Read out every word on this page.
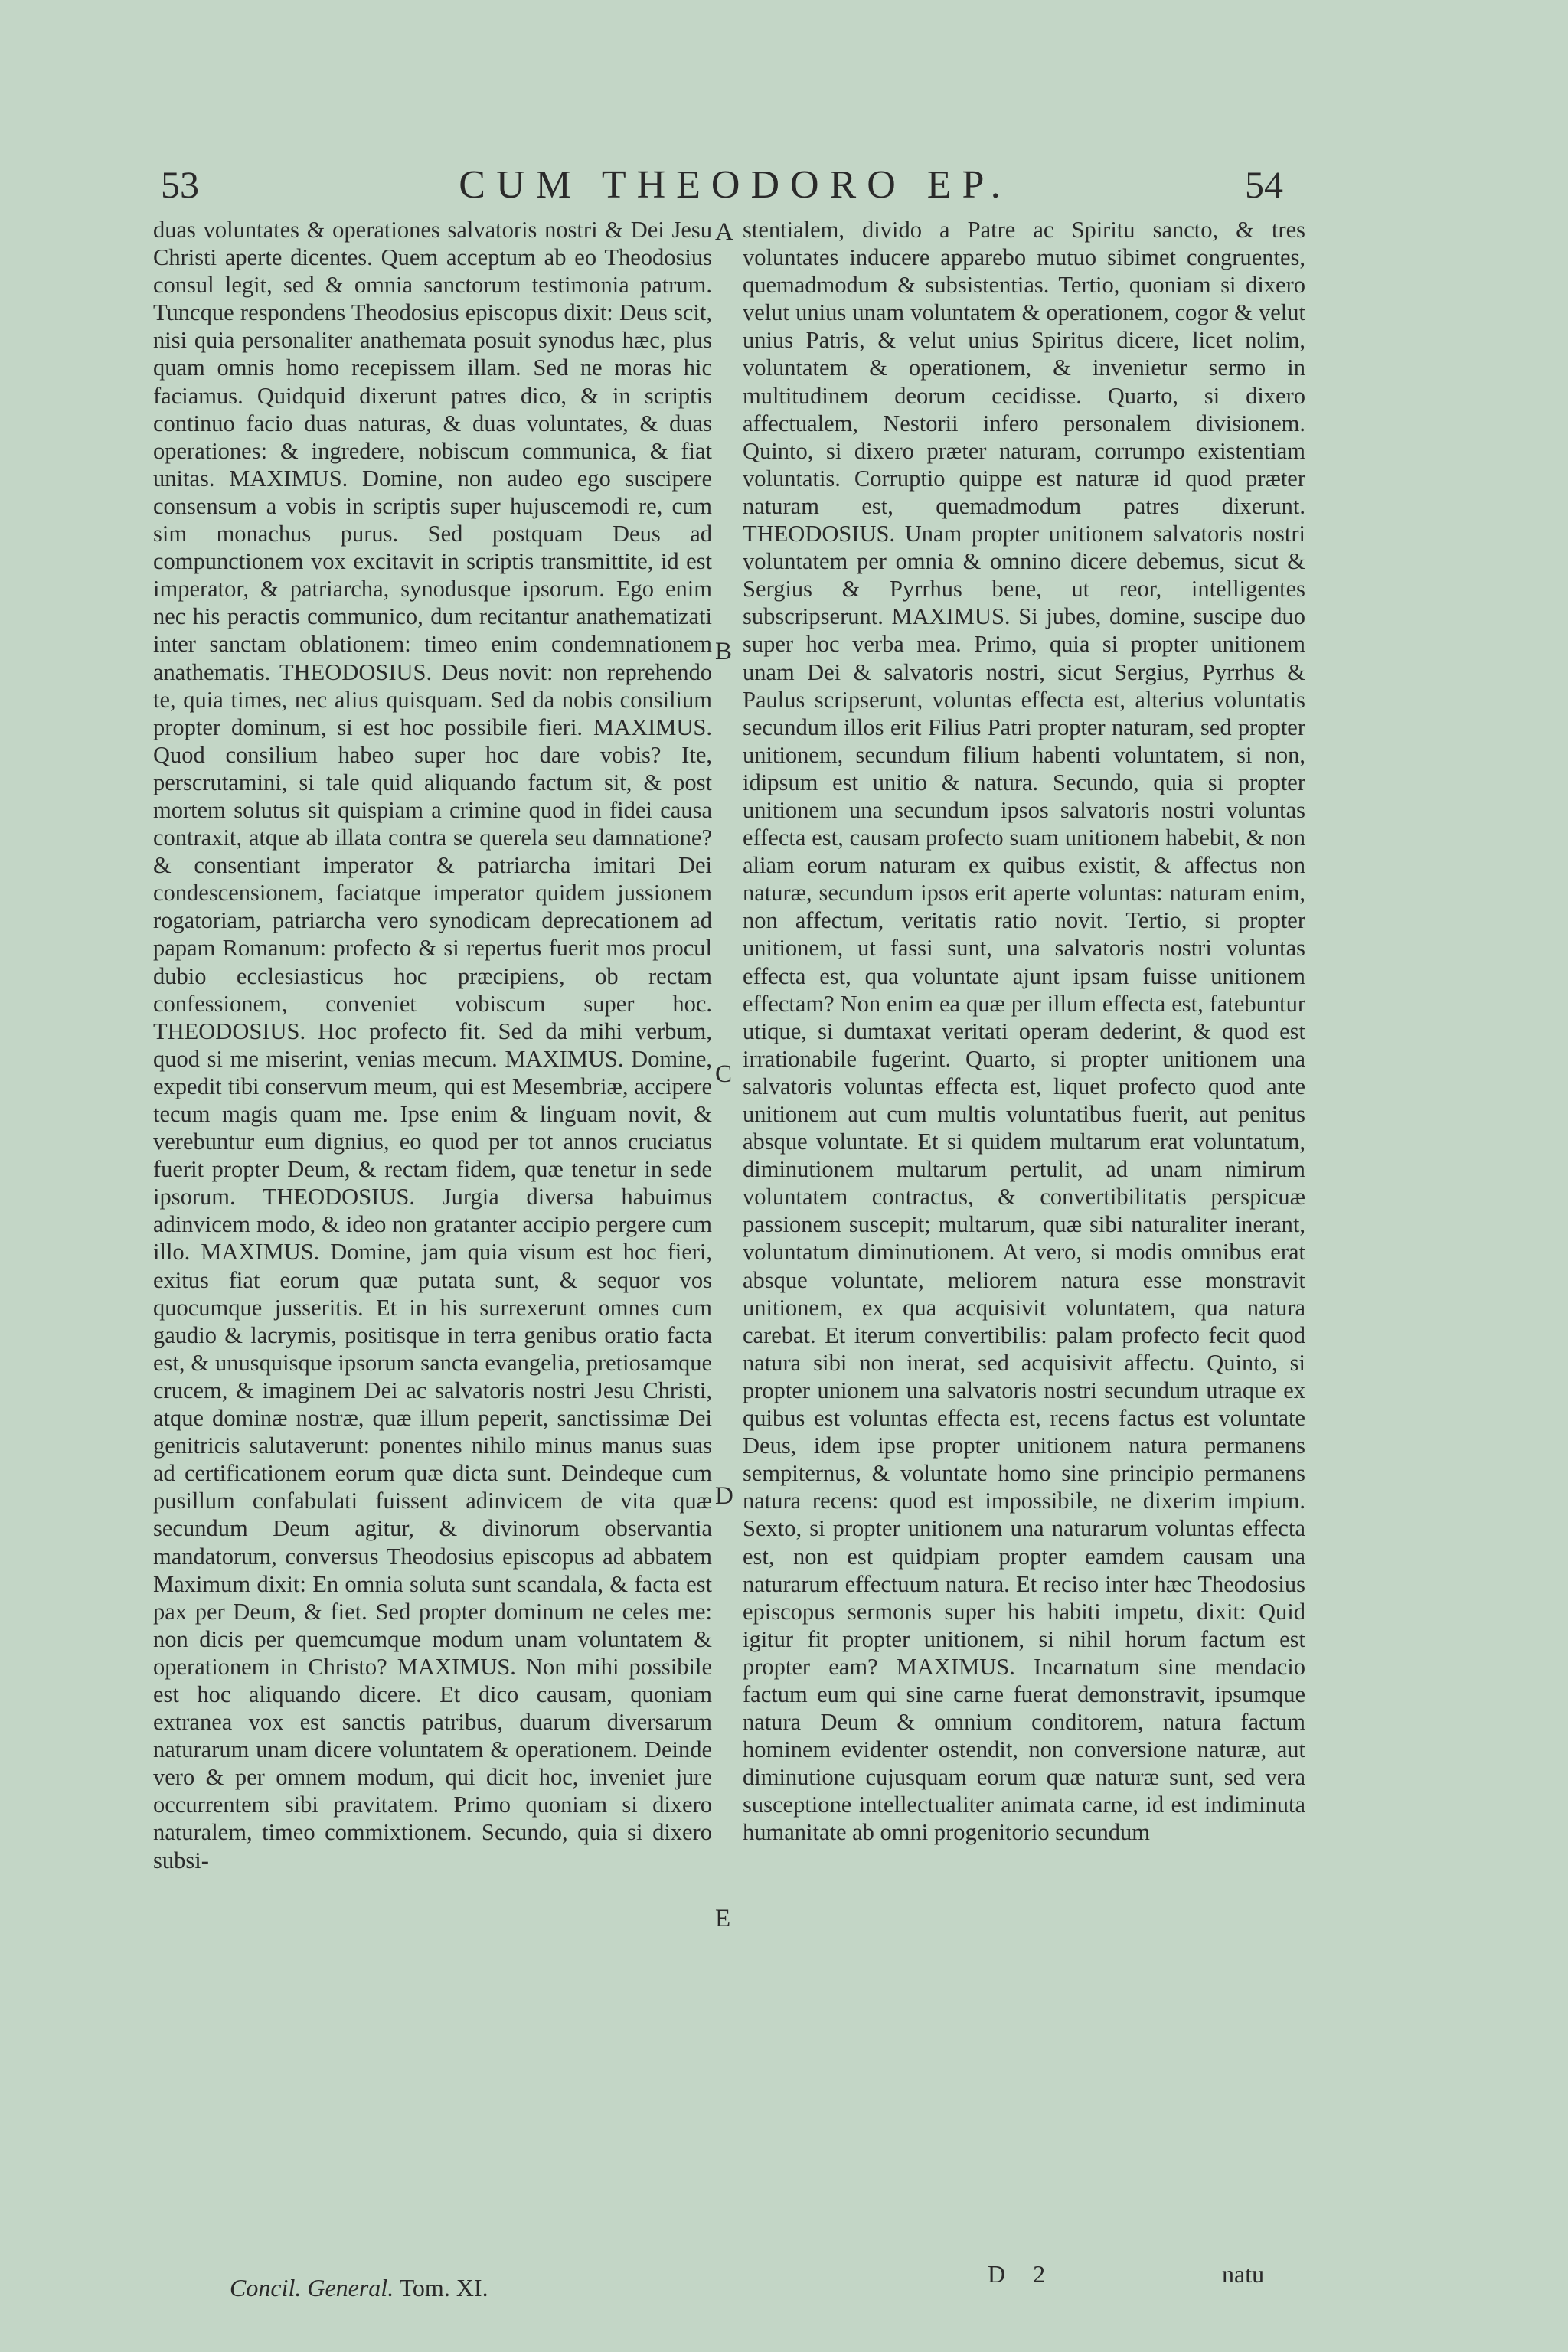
53	CUM THEODORO EP.	54

duas voluntates & operationes salvatoris nostri & Dei Jesu Christi aperte dicentes. Quem acceptum ab eo Theodosius consul legit, sed & omnia sanctorum testimonia patrum. Tuncque respondens Theodosius episcopus dixit: Deus scit, nisi quia personaliter anathemata posuit synodus hæc, plus quam omnis homo recepissem illam. Sed ne moras hic faciamus. Quidquid dixerunt patres dico, & in scriptis continuo facio duas naturas, & duas voluntates, & duas operationes: & ingredere, nobiscum communica, & fiat unitas. MAXIMUS. Domine, non audeo ego suscipere consensum a vobis in scriptis super hujuscemodi re, cum sim monachus purus. Sed postquam Deus ad compunctionem vox excitavit in scriptis transmittite, id est imperator, & patriarcha, synodusque ipsorum. Ego enim nec his peractis communico, dum recitantur anathematizati inter sanctam oblationem: timeo enim condemnationem anathematis. THEODOSIUS. Deus novit: non reprehendo te, quia times, nec alius quisquam. Sed da nobis consilium propter dominum, si est hoc possibile fieri. MAXIMUS. Quod consilium habeo super hoc dare vobis? Ite, perscrutamini, si tale quid aliquando factum sit, & post mortem solutus sit quispiam a crimine quod in fidei causa contraxit, atque ab illata contra se querela seu damnatione? & consentiant imperator & patriarcha imitari Dei condescensionem, faciatque imperator quidem jussionem rogatoriam, patriarcha vero synodicam deprecationem ad papam Romanum: profecto & si repertus fuerit mos procul dubio ecclesiasticus hoc præcipiens, ob rectam confessionem, conveniet vobiscum super hoc. THEODOSIUS. Hoc profecto fit. Sed da mihi verbum, quod si me miserint, venias mecum. MAXIMUS. Domine, expedit tibi conservum meum, qui est Mesembriæ, accipere tecum magis quam me. Ipse enim & linguam novit, & verebuntur eum dignius, eo quod per tot annos cruciatus fuerit propter Deum, & rectam fidem, quæ tenetur in sede ipsorum. THEODOSIUS. Jurgia diversa habuimus adinvicem modo, & ideo non gratanter accipio pergere cum illo. MAXIMUS. Domine, jam quia visum est hoc fieri, exitus fiat eorum quæ putata sunt, & sequor vos quocumque jusseritis. Et in his surrexerunt omnes cum gaudio & lacrymis, positisque in terra genibus oratio facta est, & unusquisque ipsorum sancta evangelia, pretiosamque crucem, & imaginem Dei ac salvatoris nostri Jesu Christi, atque dominæ nostræ, quæ illum peperit, sanctissimæ Dei genitricis salutaverunt: ponentes nihilo minus manus suas ad certificationem eorum quæ dicta sunt. Deindeque cum pusillum confabulati fuissent adinvicem de vita quæ secundum Deum agitur, & divinorum observantia mandatorum, conversus Theodosius episcopus ad abbatem Maximum dixit: En omnia soluta sunt scandala, & facta est pax per Deum, & fiet. Sed propter dominum ne celes me: non dicis per quemcumque modum unam voluntatem & operationem in Christo? MAXIMUS. Non mihi possibile est hoc aliquando dicere. Et dico causam, quoniam extranea vox est sanctis patribus, duarum diversarum naturarum unam dicere voluntatem & operationem. Deinde vero & per omnem modum, qui dicit hoc, inveniet jure occurrentem sibi pravitatem. Primo quoniam si dixero naturalem, timeo commixtionem. Secundo, quia si dixero subsi-

stentialem, divido a Patre ac Spiritu sancto, & tres voluntates inducere apparebo mutuo sibimet congruentes, quemadmodum & subsistentias. Tertio, quoniam si dixero velut unius unam voluntatem & operationem, cogor & velut unius Patris, & velut unius Spiritus dicere, licet nolim, voluntatem & operationem, & invenietur sermo in multitudinem deorum cecidisse. Quarto, si dixero affectualem, Nestorii infero personalem divisionem. Quinto, si dixero præter naturam, corrumpo existentiam voluntatis. Corruptio quippe est naturæ id quod præter naturam est, quemadmodum patres dixerunt. THEODOSIUS. Unam propter unitionem salvatoris nostri voluntatem per omnia & omnino dicere debemus, sicut & Sergius & Pyrrhus bene, ut reor, intelligentes subscripserunt. MAXIMUS. Si jubes, domine, suscipe duo super hoc verba mea. Primo, quia si propter unitionem unam Dei & salvatoris nostri, sicut Sergius, Pyrrhus & Paulus scripserunt, voluntas effecta est, alterius voluntatis secundum illos erit Filius Patri propter naturam, sed propter unitionem, secundum filium habenti voluntatem, si non, idipsum est unitio & natura. Secundo, quia si propter unitionem una secundum ipsos salvatoris nostri voluntas effecta est, causam profecto suam unitionem habebit, & non aliam eorum naturam ex quibus existit, & affectus non naturæ, secundum ipsos erit aperte voluntas: naturam enim, non affectum, veritatis ratio novit. Tertio, si propter unitionem, ut fassi sunt, una salvatoris nostri voluntas effecta est, qua voluntate ajunt ipsam fuisse unitionem effectam? Non enim ea quæ per illum effecta est, fatebuntur utique, si dumtaxat veritati operam dederint, & quod est irrationabile fugerint. Quarto, si propter unitionem una salvatoris voluntas effecta est, liquet profecto quod ante unitionem aut cum multis voluntatibus fuerit, aut penitus absque voluntate. Et si quidem multarum erat voluntatum, diminutionem multarum pertulit, ad unam nimirum voluntatem contractus, & convertibilitatis perspicuæ passionem suscepit; multarum, quæ sibi naturaliter inerant, voluntatum diminutionem. At vero, si modis omnibus erat absque voluntate, meliorem natura esse monstravit unitionem, ex qua acquisivit voluntatem, qua natura carebat. Et iterum convertibilis: palam profecto fecit quod natura sibi non inerat, sed acquisivit affectu. Quinto, si propter unionem una salvatoris nostri secundum utraque ex quibus est voluntas effecta est, recens factus est voluntate Deus, idem ipse propter unitionem natura permanens sempiternus, & voluntate homo sine principio permanens natura recens: quod est impossibile, ne dixerim impium. Sexto, si propter unitionem una naturarum voluntas effecta est, non est quidpiam propter eamdem causam una naturarum effectuum natura. Et reciso inter hæc Theodosius episcopus sermonis super his habiti impetu, dixit: Quid igitur fit propter unitionem, si nihil horum factum est propter eam? MAXIMUS. Incarnatum sine mendacio factum eum qui sine carne fuerat demonstravit, ipsumque natura Deum & omnium conditorem, natura factum hominem evidenter ostendit, non conversione naturæ, aut diminutione cujusquam eorum quæ naturæ sunt, sed vera susceptione intellectualiter animata carne, id est indiminuta humanitate ab omni progenitorio secundum

A
B
C
D
E
Concil. General. Tom. XI.	D 2	natu
